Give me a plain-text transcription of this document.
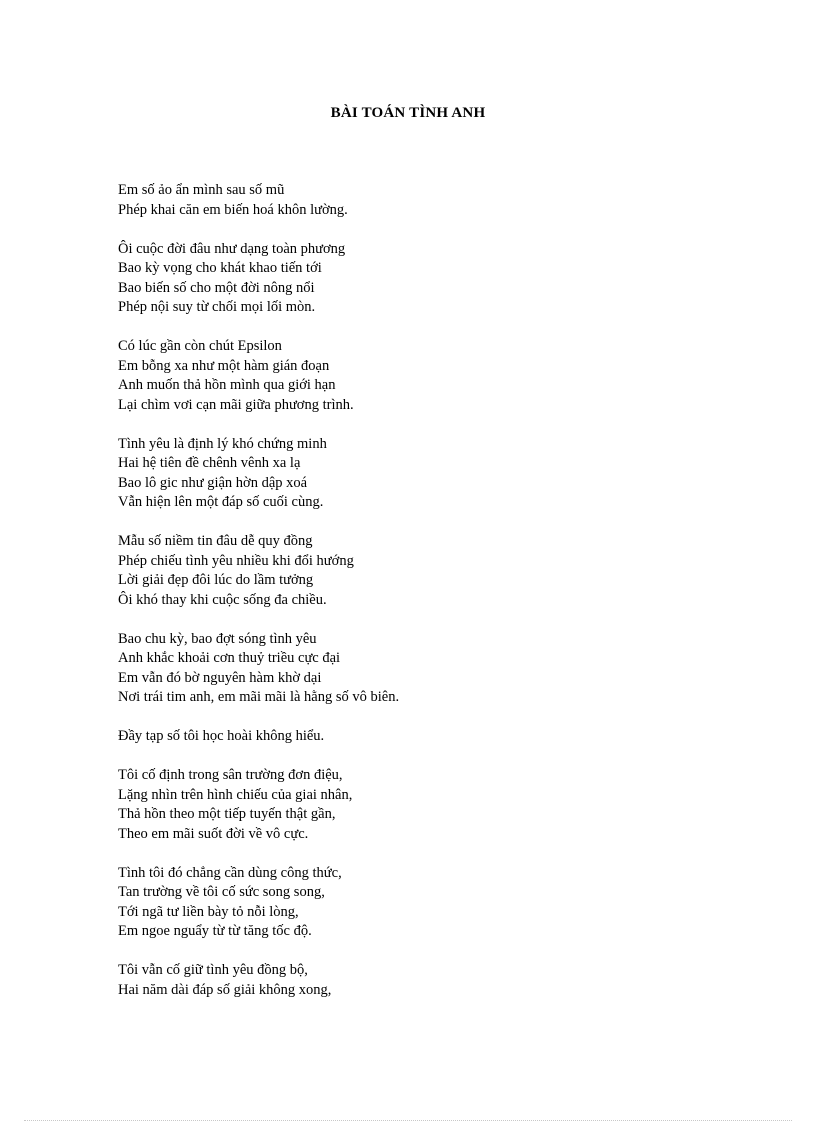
BÀI TOÁN TÌNH ANH
Em số ảo ẩn mình sau số mũ
Phép khai căn em biến hoá khôn lường.
Ôi cuộc đời đâu như dạng toàn phương
Bao kỳ vọng cho khát khao tiến tới
Bao biến số cho một đời nông nổi
Phép nội suy từ chối mọi lối mòn.
Có lúc gần còn chút Epsilon
Em bỗng xa như một hàm gián đoạn
Anh muốn thả hồn mình qua giới hạn
Lại chìm vơi cạn mãi giữa phương trình.
Tình yêu là định lý khó chứng minh
Hai hệ tiên đề chênh vênh xa lạ
Bao lô gic như giận hờn dập xoá
Vẫn hiện lên một đáp số cuối cùng.
Mẫu số niềm tin đâu dễ quy đồng
Phép chiếu tình yêu nhiều khi đổi hướng
Lời giải đẹp đôi lúc do lầm tưởng
Ôi khó thay khi cuộc sống đa chiều.
Bao chu kỳ, bao đợt sóng tình yêu
Anh khắc khoải cơn thuỷ triều cực đại
Em vẫn đó bờ nguyên hàm khờ dại
Nơi trái tim anh, em mãi mãi là hằng số vô biên.
Đầy tạp số tôi học hoài không hiểu.
Tôi cố định trong sân trường đơn điệu,
Lặng nhìn trên hình chiếu của giai nhân,
Thả hồn theo một tiếp tuyến thật gần,
Theo em mãi suốt đời về vô cực.
Tình tôi đó chẳng cần dùng công thức,
Tan trường về tôi cố sức song song,
Tới ngã tư liền bày tỏ nỗi lòng,
Em ngoe nguẩy từ từ tăng tốc độ.
Tôi vẫn cố giữ tình yêu đồng bộ,
Hai năm dài đáp số giải không xong,
